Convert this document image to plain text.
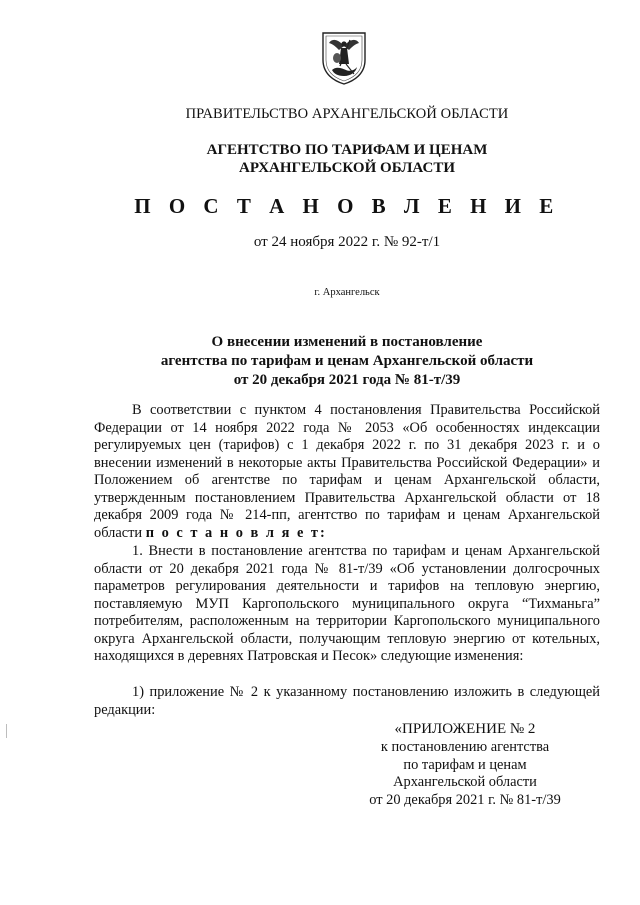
ПРАВИТЕЛЬСТВО АРХАНГЕЛЬСКОЙ ОБЛАСТИ
АГЕНТСТВО ПО ТАРИФАМ И ЦЕНАМ
АРХАНГЕЛЬСКОЙ ОБЛАСТИ
П О С Т А Н О В Л Е Н И Е
от 24 ноября 2022 г. № 92-т/1
г. Архангельск
О внесении изменений в постановление
агентства по тарифам и ценам Архангельской области
от 20 декабря 2021 года № 81-т/39
В соответствии с пунктом 4 постановления Правительства Российской Федерации от 14 ноября 2022 года № 2053 «Об особенностях индексации регулируемых цен (тарифов) с 1 декабря 2022 г. по 31 декабря 2023 г. и о внесении изменений в некоторые акты Правительства Российской Федерации» и Положением об агентстве по тарифам и ценам Архангельской области, утвержденным постановлением Правительства Архангельской области от 18 декабря 2009 года № 214-пп, агентство по тарифам и ценам Архангельской области п о с т а н о в л я е т:
1. Внести в постановление агентства по тарифам и ценам Архангельской области от 20 декабря 2021 года № 81-т/39 «Об установлении долгосрочных параметров регулирования деятельности и тарифов на тепловую энергию, поставляемую МУП Каргопольского муниципального округа “Тихманьга” потребителям, расположенным на территории Каргопольского муниципального округа Архангельской области, получающим тепловую энергию от котельных, находящихся в деревнях Патровская и Песок» следующие изменения:
1) приложение № 2 к указанному постановлению изложить в следующей редакции:
«ПРИЛОЖЕНИЕ № 2
к постановлению агентства
по тарифам и ценам
Архангельской области
от 20 декабря 2021 г. № 81-т/39
